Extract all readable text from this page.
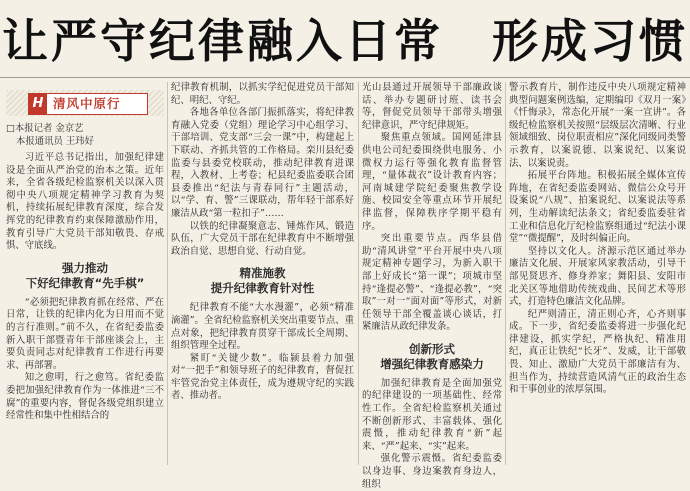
让严守纪律融入日常　形成习惯
H 清风中原行
□本报记者 金京艺
本报通讯员 王玮好

习近平总书记指出，加强纪律建设是全面从严治党的治本之策。近年来，全省各级纪检监察机关以深入贯彻中央八项规定精神学习教育为契机，持续拓展纪律教育深度，综合发挥党的纪律教育约束保障激励作用，教育引导广大党员干部知敬畏、存戒惧、守底线。

强力推动
下好纪律教育“先手棋”

“必须把纪律教育抓在经常、严在日常，让铁的纪律内化为日用而不觉的言行准则。”前不久，在省纪委监委新入职干部暨青年干部座谈会上，主要负责同志对纪律教育工作进行再要求、再部署。

知之愈明，行之愈笃。省纪委监委把加强纪律教育作为一体推进“三不腐”的重要内容，督促各级党组织建立经常性和集中性相结合的

纪律教育机制，以抓实学纪促进党员干部知纪、明纪、守纪。

各地各单位各部门振抓落实，将纪律教育融入党委（党组）理论学习中心组学习、干部培训、党支部“三会一课”中，构建起上下联动、齐抓共管的工作格局。栾川县纪委监委与县委党校联动，推动纪律教育进课程，入教材、上考卷；杞县纪委监委联合团县委推出“纪法与青春同行”主题活动，以“学、育、警”三课联动，帮年轻干部系好廉洁从政“第一粒扣子”……

以铁的纪律凝聚意志、锤炼作风、锻造队伍，广大党员干部在纪律教育中不断增强政治自觉、思想自觉、行动自觉。

精准施教
提升纪律教育针对性

纪律教育不能“大水漫灌”，必须“精准滴灌”。全省纪检监察机关突出重要节点、重点对象，把纪律教育贯穿干部成长全周期、组织管理全过程。

紧盯“关键少数”。临颍县着力加强对“一把手”和领导班子的纪律教育，督促扛牢管党治党主体责任，成为遵规守纪的实践者、推动者。

光山县通过开展领导干部廉政谈话、举办专题研讨班、读书会等，督促党员领导干部带头增强纪律意识，严守纪律规矩。

聚焦重点领域。国网延津县供电公司纪委围绕供电服务、小微权力运行等强化教育监督管理，“量体裁衣”设计教育内容；河南城建学院纪委聚焦教学设施、校园安全等重点环节开展纪律监督，保障秩序学期平稳有序。

突出重要节点。西华县借助“清风讲堂”平台开展中央八项规定精神专题学习，为新入职干部上好成长“第一课”；项城市坚持“逢提必警”、“逢提必教”，“突取”一对一“面对面”等形式，对新任领导干部全覆盖谈心谈话，打紧廉洁从政纪律发条。

创新形式
增强纪律教育感染力

加强纪律教育是全面加强党的纪律建设的一项基础性、经常性工作。全省纪检监察机关通过不断创新形式、丰富载体、强化震慑，推动纪律教育“新”起来、“严”起来、“实”起来。

强化警示震慑。省纪委监委以身边事、身边案教育身边人，组织

警示教育片，制作违反中央八项规定精神典型问题案例选编，定期编印《双月一案》《忏悔录》，常态化开展“一案一宣讲”。各级纪检监察机关按照“层级层次清晰、行业领域细致、岗位职责相应”深化同级同类警示教育，以案说德、以案说纪、以案说法、以案说责。

拓展平台阵地。积极拓展全媒体宣传阵地，在省纪委监委网站、微信公众号开设案说“八规”、拍案说纪、以案说法等系列，生动解读纪法条文；省纪委监委驻省工业和信息化厅纪检监察组通过“纪法小课堂”“微提醒”，及时纠偏正向。

坚持以文化人。济源示范区通过举办廉洁文化展、开展家风家教活动，引导干部见贤思齐、修身养家；舞阳县、安阳市北关区等地借助传统戏曲、民间艺术等形式，打造特色廉洁文化品牌。

纪严则清正，清正则心齐，心齐则事成。下一步，省纪委监委将进一步强化纪律建设，抓实学纪，严格执纪、精准用纪，真正让铁纪“长牙”、发威，让干部敬畏、知止、激励广大党员干部廉洁有为、担当作为，持续营造风清气正的政治生态和干事创业的浓厚氛围。
